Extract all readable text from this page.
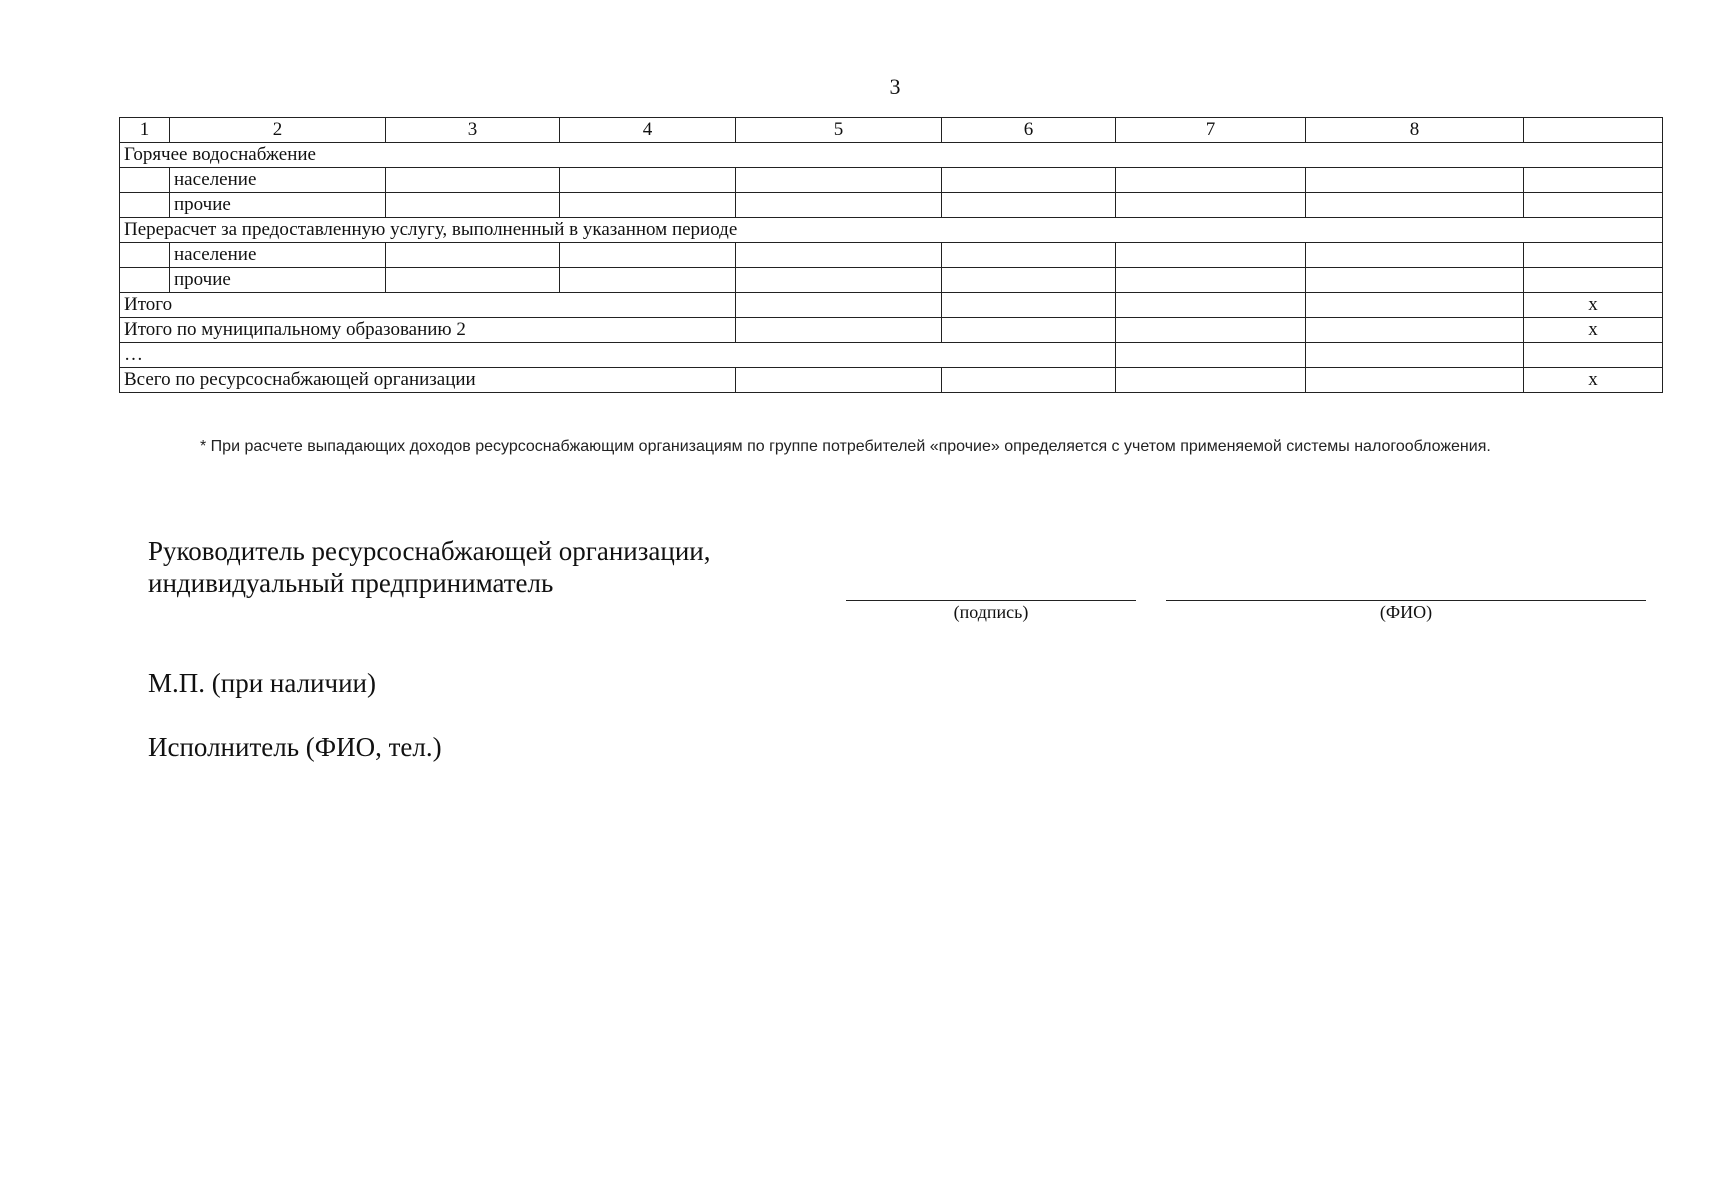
3
1	2	3	4	5	6	7	8	
Горячее водоснабжение								
	население							
	прочие							
Перерасчет за предоставленную услугу, выполненный в указанном периоде								
	население							
	прочие							
Итого								х
Итого по муниципальному образованию 2								х
…								
Всего по ресурсоснабжающей организации								х
* При расчете выпадающих доходов ресурсоснабжающим организациям по группе потребителей «прочие» определяется с учетом применяемой системы налогообложения.
Руководитель ресурсоснабжающей организации,
индивидуальный предприниматель
(подпись)	(ФИО)
М.П. (при наличии)
Исполнитель (ФИО, тел.)
